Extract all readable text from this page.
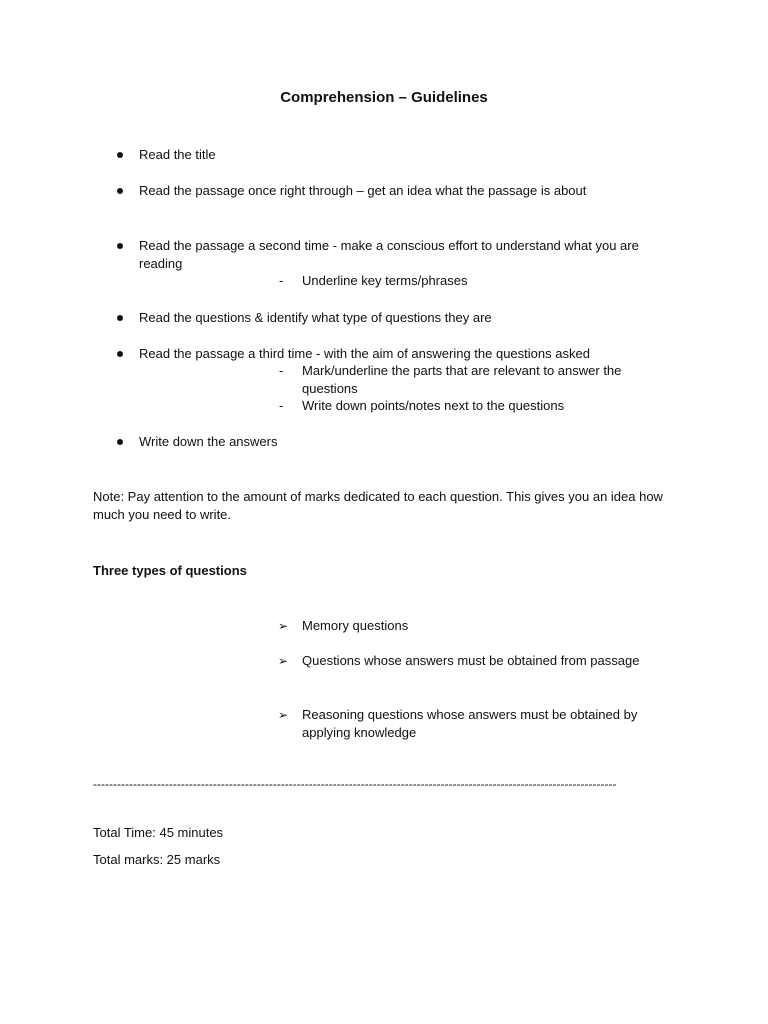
Comprehension – Guidelines
Read the title
Read the passage once right through – get an idea what the passage is about
Read the passage a second time - make a conscious effort to understand what you are
reading
- Underline key terms/phrases
Read the questions & identify what type of questions they are
Read the passage a third time - with the aim of answering the questions asked
- Mark/underline the parts that are relevant to answer the
questions
- Write down points/notes next to the questions
Write down the answers
Note: Pay attention to the amount of marks dedicated to each question. This gives you an idea how
much you need to write.
Three types of questions
➢ Memory questions
➢ Questions whose answers must be obtained from passage
➢ Reasoning questions whose answers must be obtained by
applying knowledge
-----------------------------------------------------------------------------------------------------------------------------------
Total Time: 45 minutes
Total marks: 25 marks
